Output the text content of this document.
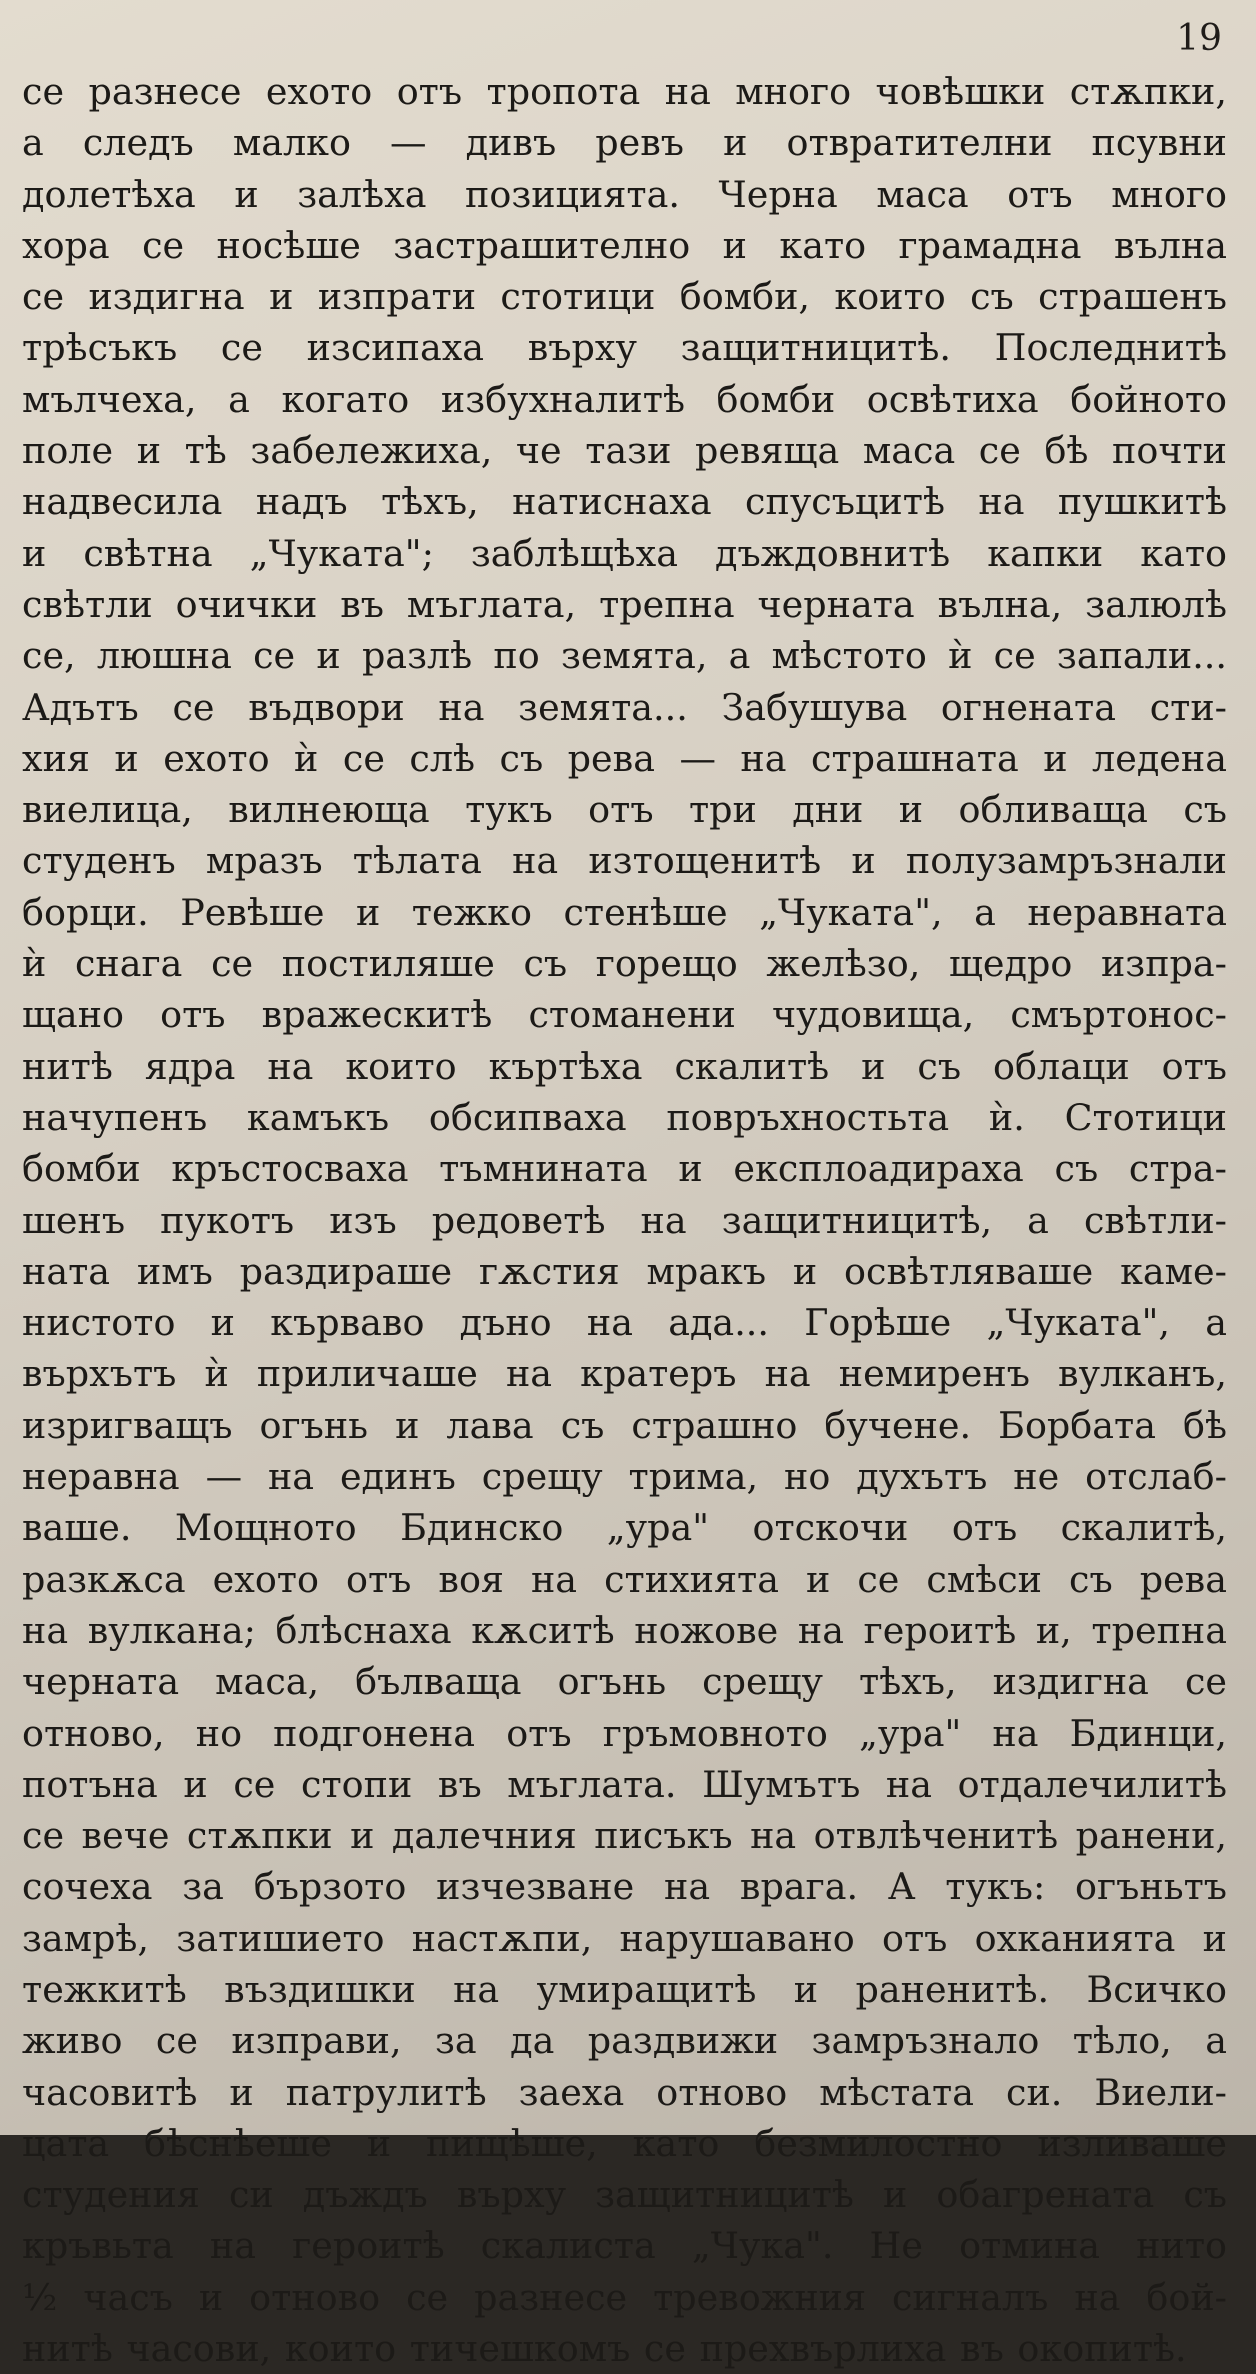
19
се разнесе ехото отъ тропота на много човѣшки стѫпки,
а следъ малко — дивъ ревъ и отвратителни псувни
долетѣха и залѣха позицията. Черна маса отъ много
хора се носѣше застрашително и като грамадна вълна
се издигна и изпрати стотици бомби, които съ страшенъ
трѣсъкъ се изсипаха върху защитницитѣ. Последнитѣ
мълчеха, а когато избухналитѣ бомби освѣтиха бойното
поле и тѣ забележиха, че тази ревяща маса се бѣ почти
надвесила надъ тѣхъ, натиснаха спусъцитѣ на пушкитѣ
и свѣтна „Чуката"; заблѣщѣха дъждовнитѣ капки като
свѣтли очички въ мъглата, трепна черната вълна, залюлѣ
се, люшна се и разлѣ по земята, а мѣстото ѝ се запали...
Адътъ се въдвори на земята... Забушува огнената сти-
хия и ехото ѝ се слѣ съ рева — на страшната и ледена
виелица, вилнеюща тукъ отъ три дни и обливаща съ
студенъ мразъ тѣлата на изтощенитѣ и полузамръзнали
борци. Ревѣше и тежко стенѣше „Чуката", а неравната
ѝ снага се постиляше съ горещо желѣзо, щедро изпра-
щано отъ вражескитѣ стоманени чудовища, смъртонос-
нитѣ ядра на които къртѣха скалитѣ и съ облаци отъ
начупенъ камъкъ обсипваха повръхностьта ѝ. Стотици
бомби кръстосваха тъмнината и експлоадираха съ стра-
шенъ пукотъ изъ редоветѣ на защитницитѣ, а свѣтли-
ната имъ раздираше гѫстия мракъ и освѣтляваше каме-
нистото и кърваво дъно на ада... Горѣше „Чуката", а
върхътъ ѝ приличаше на кратеръ на немиренъ вулканъ,
изригващъ огънь и лава съ страшно бучене. Борбата бѣ
неравна — на единъ срещу трима, но духътъ не отслаб-
ваше. Мощното Бдинско „ура" отскочи отъ скалитѣ,
разкѫса ехото отъ воя на стихията и се смѣси съ рева
на вулкана; блѣснаха кѫситѣ ножове на героитѣ и, трепна
черната маса, бълваща огънь срещу тѣхъ, издигна се
отново, но подгонена отъ гръмовното „ура" на Бдинци,
потъна и се стопи въ мъглата. Шумътъ на отдалечилитѣ
се вече стѫпки и далечния писъкъ на отвлѣченитѣ ранени,
сочеха за бързото изчезване на врага. А тукъ: огъньтъ
замрѣ, затишието настѫпи, нарушавано отъ охканията и
тежкитѣ въздишки на умиращитѣ и раненитѣ. Всичко
живо се изправи, за да раздвижи замръзнало тѣло, а
часовитѣ и патрулитѣ заеха отново мѣстата си. Виели-
цата бѣснѣеше и пищѣше, като безмилостно изливаше
студения си дъждъ върху защитницитѣ и обагрената съ
кръвьта на героитѣ скалиста „Чука". Не отмина нито
½ часъ и отново се разнесе тревожния сигналъ на бой-
нитѣ часови, които тичешкомъ се прехвърлиха въ окопитѣ.
